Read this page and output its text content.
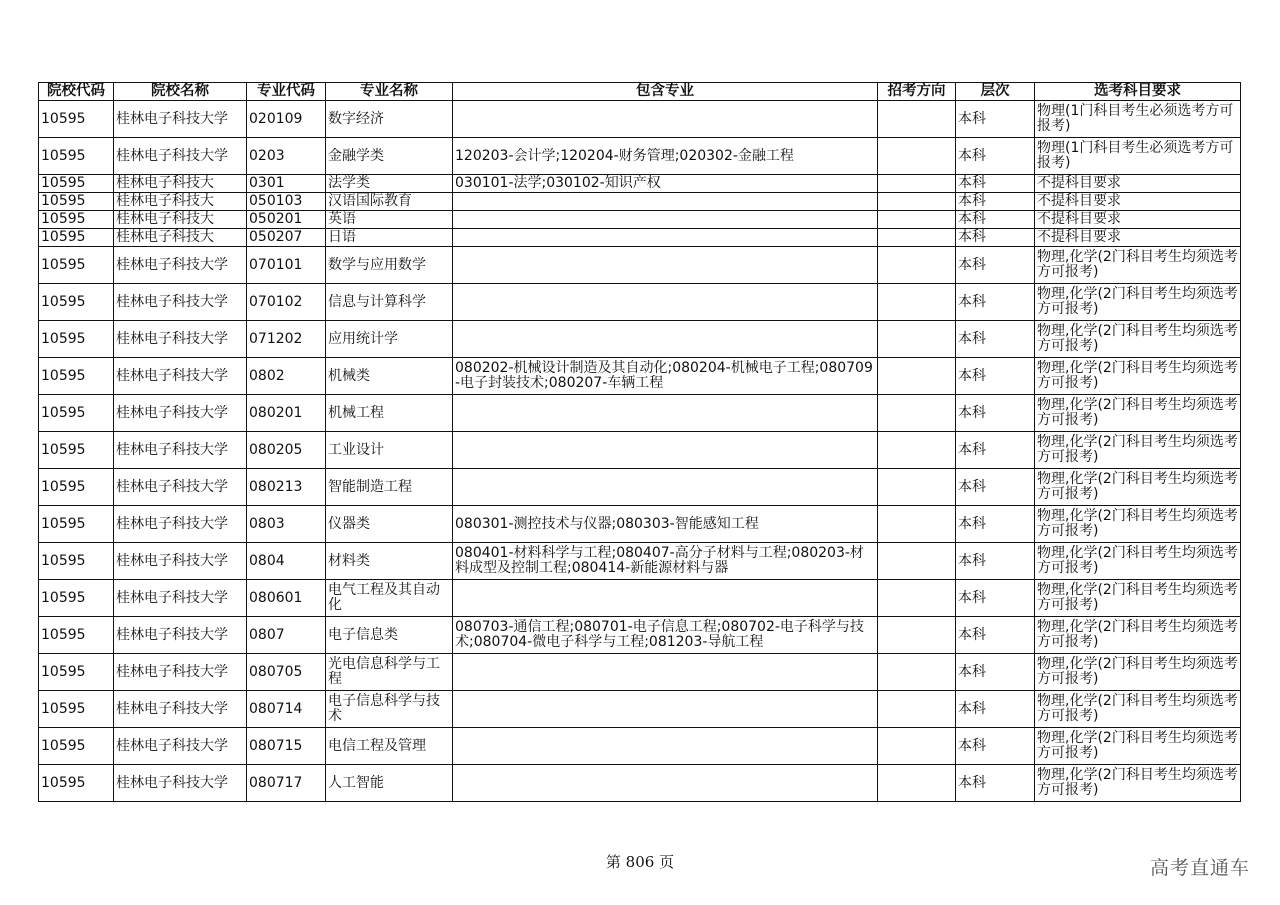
院校代码	院校名称	专业代码	专业名称	包含专业	招考方向	层次	选考科目要求
10595	桂林电子科技大学	020109	数字经济			本科	物理(1门科目考生必须选考方可报考)
10595	桂林电子科技大学	0203	金融学类	120203-会计学;120204-财务管理;020302-金融工程		本科	物理(1门科目考生必须选考方可报考)
10595	桂林电子科技大	0301	法学类	030101-法学;030102-知识产权		本科	不提科目要求
10595	桂林电子科技大	050103	汉语国际教育			本科	不提科目要求
10595	桂林电子科技大	050201	英语			本科	不提科目要求
10595	桂林电子科技大	050207	日语			本科	不提科目要求
10595	桂林电子科技大学	070101	数学与应用数学			本科	物理,化学(2门科目考生均须选考方可报考)
10595	桂林电子科技大学	070102	信息与计算科学			本科	物理,化学(2门科目考生均须选考方可报考)
10595	桂林电子科技大学	071202	应用统计学			本科	物理,化学(2门科目考生均须选考方可报考)
10595	桂林电子科技大学	0802	机械类	080202-机械设计制造及其自动化;080204-机械电子工程;080709-电子封装技术;080207-车辆工程		本科	物理,化学(2门科目考生均须选考方可报考)
10595	桂林电子科技大学	080201	机械工程			本科	物理,化学(2门科目考生均须选考方可报考)
10595	桂林电子科技大学	080205	工业设计			本科	物理,化学(2门科目考生均须选考方可报考)
10595	桂林电子科技大学	080213	智能制造工程			本科	物理,化学(2门科目考生均须选考方可报考)
10595	桂林电子科技大学	0803	仪器类	080301-测控技术与仪器;080303-智能感知工程		本科	物理,化学(2门科目考生均须选考方可报考)
10595	桂林电子科技大学	0804	材料类	080401-材料科学与工程;080407-高分子材料与工程;080203-材料成型及控制工程;080414-新能源材料与器		本科	物理,化学(2门科目考生均须选考方可报考)
10595	桂林电子科技大学	080601	电气工程及其自动化			本科	物理,化学(2门科目考生均须选考方可报考)
10595	桂林电子科技大学	0807	电子信息类	080703-通信工程;080701-电子信息工程;080702-电子科学与技术;080704-微电子科学与工程;081203-导航工程		本科	物理,化学(2门科目考生均须选考方可报考)
10595	桂林电子科技大学	080705	光电信息科学与工程			本科	物理,化学(2门科目考生均须选考方可报考)
10595	桂林电子科技大学	080714	电子信息科学与技术			本科	物理,化学(2门科目考生均须选考方可报考)
10595	桂林电子科技大学	080715	电信工程及管理			本科	物理,化学(2门科目考生均须选考方可报考)
10595	桂林电子科技大学	080717	人工智能			本科	物理,化学(2门科目考生均须选考方可报考)
第 806 页	高考直通车
